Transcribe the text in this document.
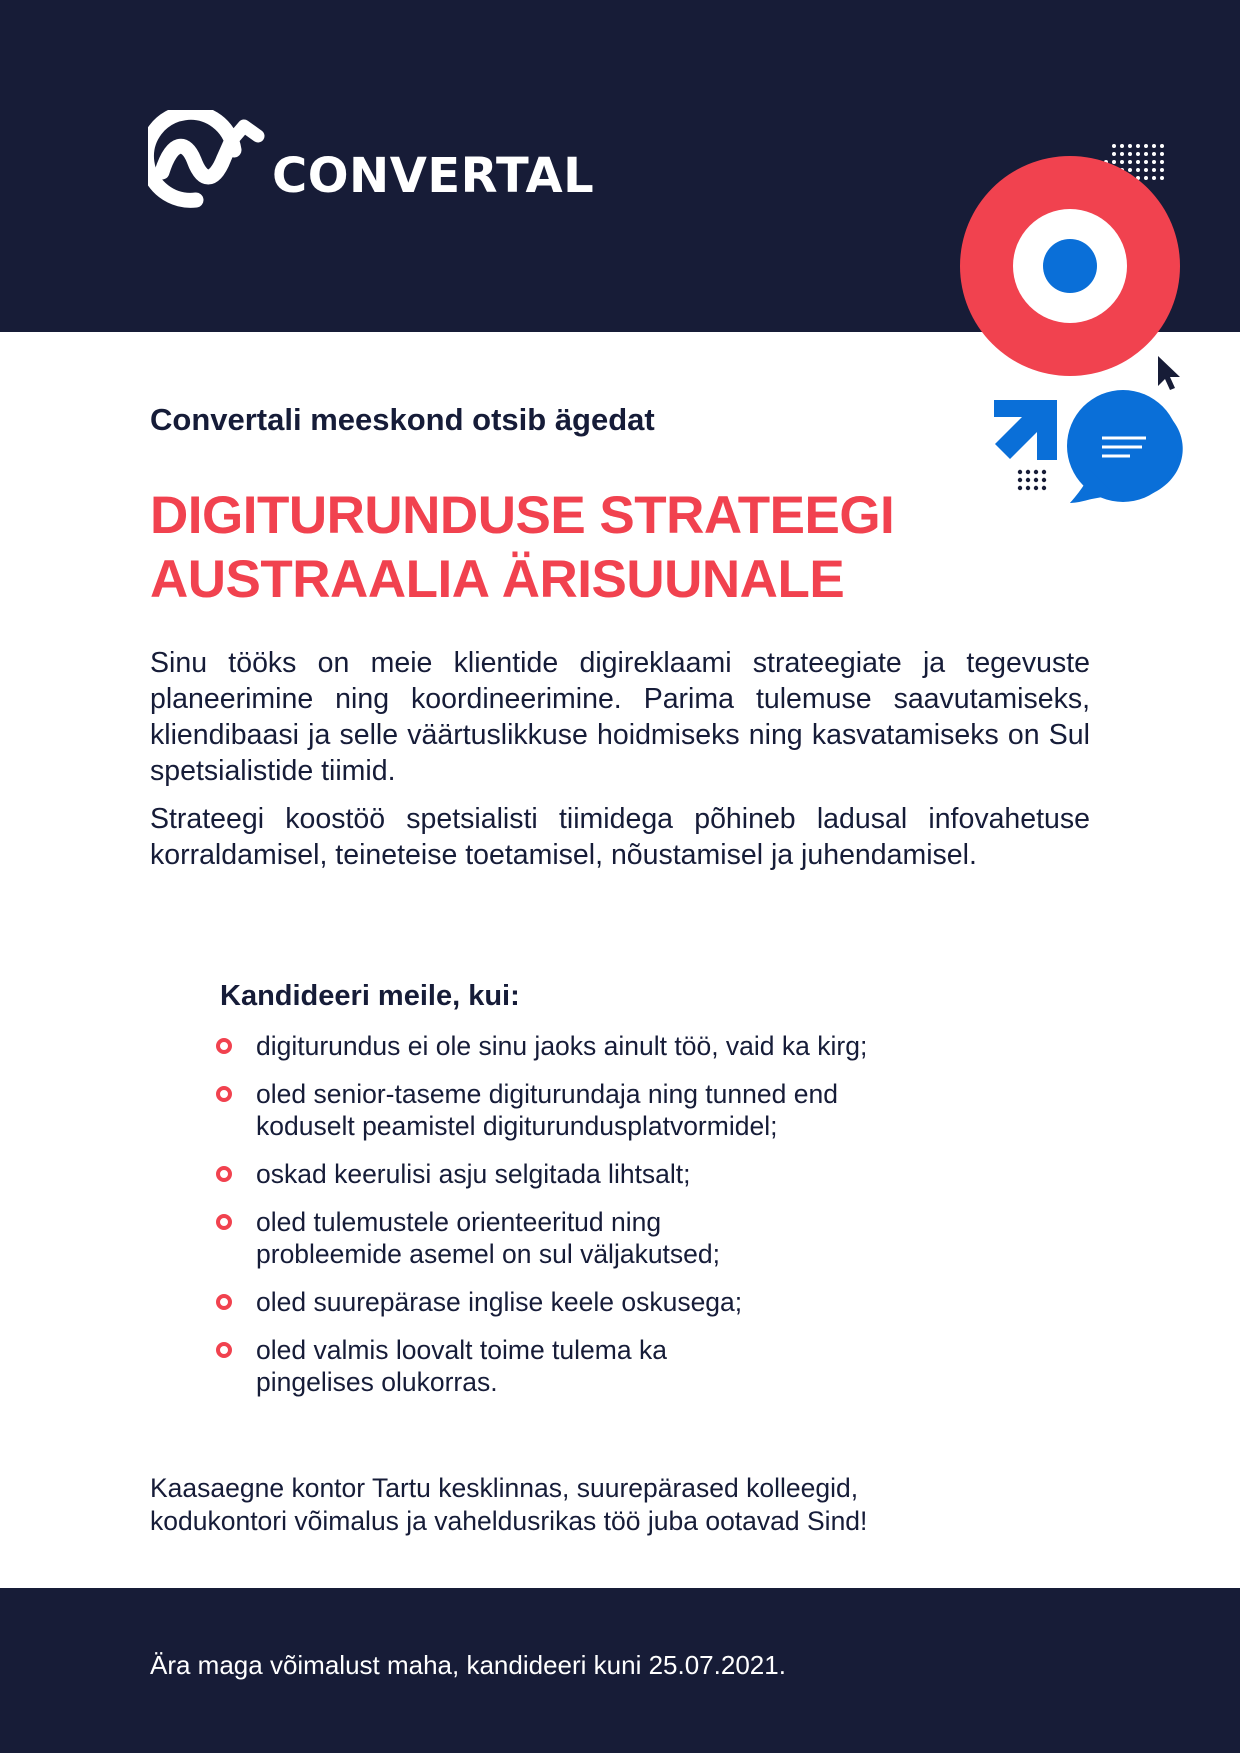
CONVERTAL
Convertali meeskond otsib ägedat
DIGITURUNDUSE STRATEEGI
AUSTRAALIA ÄRISUUNALE

Sinu tööks on meie klientide digireklaami strateegiate ja tegevuste planeerimine ning koordineerimine. Parima tulemuse saavutamiseks, kliendibaasi ja selle väärtuslikkuse hoidmiseks ning kasvatamiseks on Sul spetsialistide tiimid.

Strateegi koostöö spetsialisti tiimidega põhineb ladusal infovahetuse korraldamisel, teineteise toetamisel, nõustamisel ja juhendamisel.

Kandideeri meile, kui:
digiturundus ei ole sinu jaoks ainult töö, vaid ka kirg;
oled senior-taseme digiturundaja ning tunned end
koduselt peamistel digiturundusplatvormidel;
oskad keerulisi asju selgitada lihtsalt;
oled tulemustele orienteeritud ning
probleemide asemel on sul väljakutsed;
oled suurepärase inglise keele oskusega;
oled valmis loovalt toime tulema ka
pingelises olukorras.
Kaasaegne kontor Tartu kesklinnas, suurepärased kolleegid,
kodukontori võimalus ja vaheldusrikas töö juba ootavad Sind!
Ära maga võimalust maha, kandideeri kuni 25.07.2021.
